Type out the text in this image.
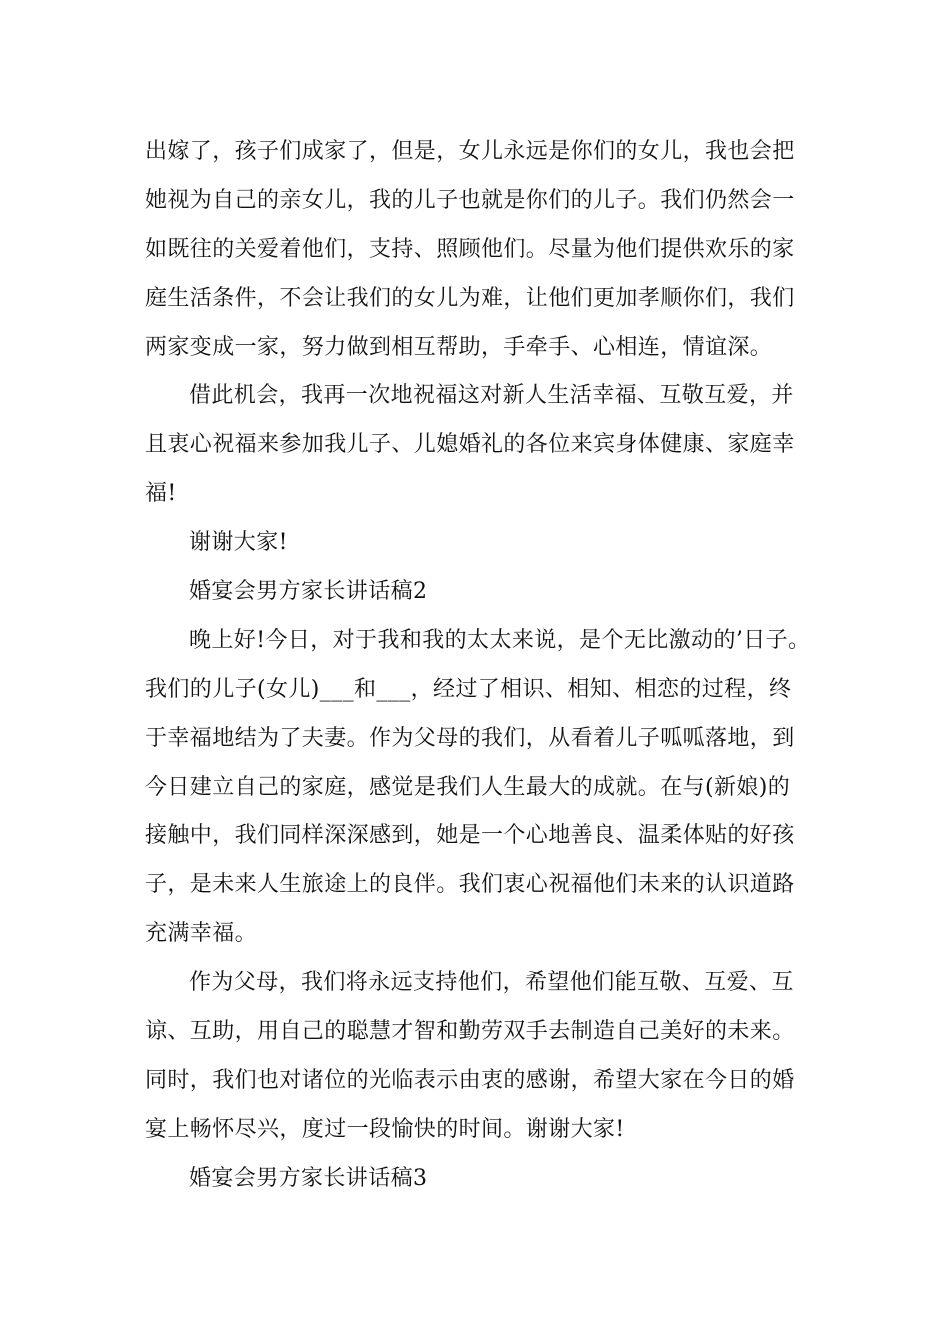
出嫁了，孩子们成家了，但是，女儿永远是你们的女儿，我也会把
她视为自己的亲女儿，我的儿子也就是你们的儿子。我们仍然会一
如既往的关爱着他们，支持、照顾他们。尽量为他们提供欢乐的家
庭生活条件，不会让我们的女儿为难，让他们更加孝顺你们，我们
两家变成一家，努力做到相互帮助，手牵手、心相连，情谊深。
借此机会，我再一次地祝福这对新人生活幸福、互敬互爱，并
且衷心祝福来参加我儿子、儿媳婚礼的各位来宾身体健康、家庭幸
福!
谢谢大家!
婚宴会男方家长讲话稿2
晚上好!今日，对于我和我的太太来说，是个无比激动的’日子。
我们的儿子(女儿)___和___，经过了相识、相知、相恋的过程，终
于幸福地结为了夫妻。作为父母的我们，从看着儿子呱呱落地，到
今日建立自己的家庭，感觉是我们人生最大的成就。在与(新娘)的
接触中，我们同样深深感到，她是一个心地善良、温柔体贴的好孩
子，是未来人生旅途上的良伴。我们衷心祝福他们未来的认识道路
充满幸福。
作为父母，我们将永远支持他们，希望他们能互敬、互爱、互
谅、互助，用自己的聪慧才智和勤劳双手去制造自己美好的未来。
同时，我们也对诸位的光临表示由衷的感谢，希望大家在今日的婚
宴上畅怀尽兴，度过一段愉快的时间。谢谢大家!
婚宴会男方家长讲话稿3
